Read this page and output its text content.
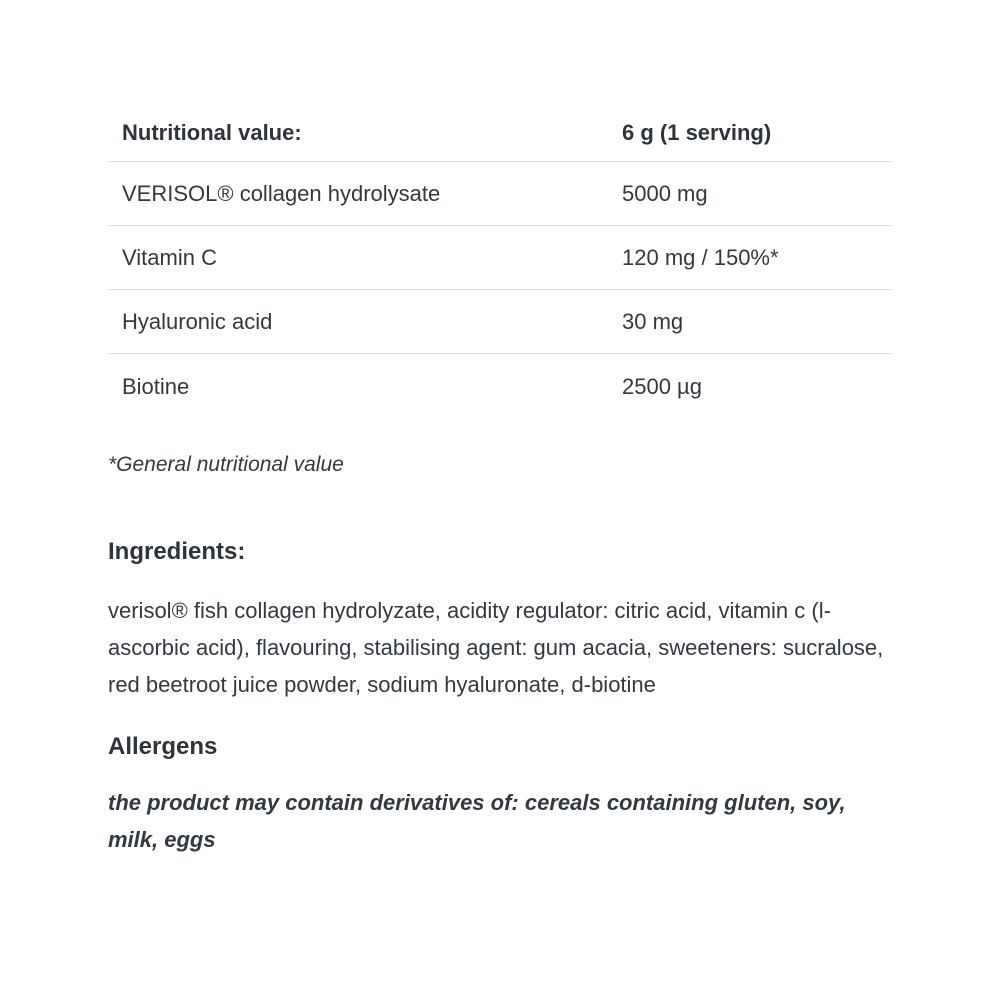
Nutritional value:	6 g (1 serving)
VERISOL® collagen hydrolysate	5000 mg
Vitamin C	120 mg / 150%*
Hyaluronic acid	30 mg
Biotine	2500 µg
*General nutritional value
Ingredients:
verisol® fish collagen hydrolyzate, acidity regulator: citric acid, vitamin c (l-ascorbic acid), flavouring, stabilising agent: gum acacia, sweeteners: sucralose, red beetroot juice powder, sodium hyaluronate, d-biotine
Allergens
the product may contain derivatives of: cereals containing gluten, soy, milk, eggs
